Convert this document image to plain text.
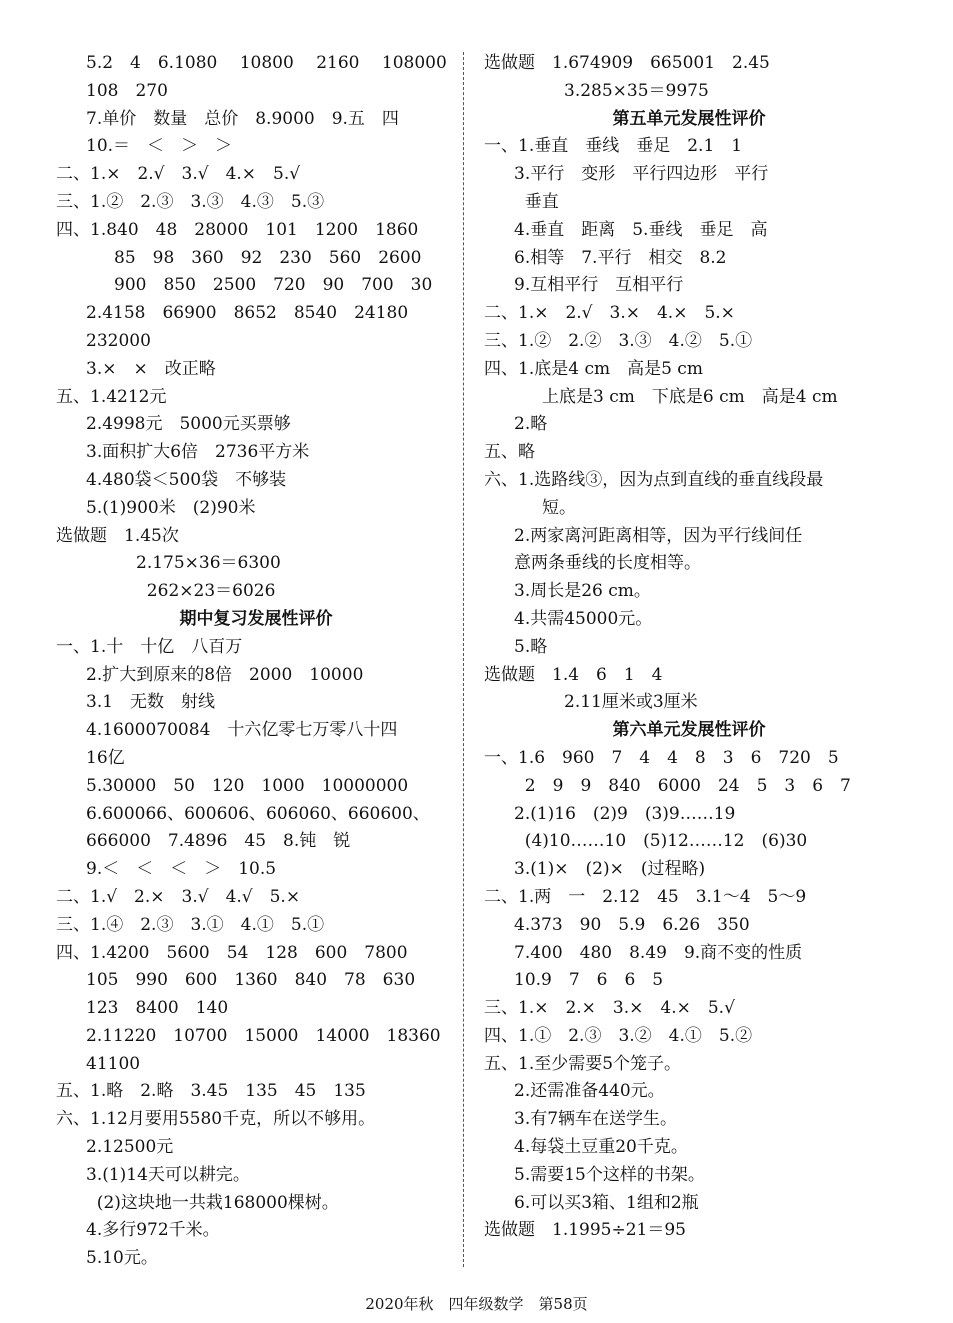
5.2　4　6.1080　 10800　 2160　 108000
108　270
7.单价　数量　总价　8.9000　9.五　四
10.＝　＜　＞　＞
二、1.×　2.√　3.√　4.×　5.√
三、1.②　2.③　3.③　4.③　5.③
四、1.840　48　28000　101　1200　1860
85　98　360　92　230　560　2600
900　850　2500　720　90　700　30
2.4158　66900　8652　8540　24180
232000
3.×　×　改正略
五、1.4212元
2.4998元　5000元买票够
3.面积扩大6倍　2736平方米
4.480袋＜500袋　不够装
5.(1)900米　(2)90米
选做题　1.45次
2.175×36＝6300
262×23＝6026
期中复习发展性评价
一、1.十　十亿　八百万
2.扩大到原来的8倍　2000　10000
3.1　无数　射线
4.1600070084　十六亿零七万零八十四
16亿
5.30000　50　120　1000　10000000
6.600066、600606、606060、660600、
666000　7.4896　45　8.钝　锐
9.＜　＜　＜　＞　10.5
二、1.√　2.×　3.√　4.√　5.×
三、1.④　2.③　3.①　4.①　5.①
四、1.4200　5600　54　128　600　7800
105　990　600　1360　840　78　630
123　8400　140
2.11220　10700　15000　14000　18360
41100
五、1.略　2.略　3.45　135　45　135
六、1.12月要用5580千克，所以不够用。
2.12500元
3.(1)14天可以耕完。
(2)这块地一共栽168000棵树。
4.多行972千米。
5.10元。
选做题　1.674909　665001　2.45
3.285×35＝9975
第五单元发展性评价
一、1.垂直　垂线　垂足　2.1　1
3.平行　变形　平行四边形　平行
垂直
4.垂直　距离　5.垂线　垂足　高
6.相等　7.平行　相交　8.2
9.互相平行　互相平行
二、1.×　2.√　3.×　4.×　5.×
三、1.②　2.②　3.③　4.②　5.①
四、1.底是4 cm　高是5 cm
上底是3 cm　下底是6 cm　高是4 cm
2.略
五、略
六、1.选路线③，因为点到直线的垂直线段最
短。
2.两家离河距离相等，因为平行线间任
意两条垂线的长度相等。
3.周长是26 cm。
4.共需45000元。
5.略
选做题　1.4　6　1　4
2.11厘米或3厘米
第六单元发展性评价
一、1.6　960　7　4　4　8　3　6　720　5
2　9　9　840　6000　24　5　3　6　7
2.(1)16　(2)9　(3)9……19
(4)10……10　(5)12……12　(6)30
3.(1)×　(2)×　(过程略)
二、1.两　一　2.12　45　3.1～4　5～9
4.373　90　5.9　6.26　350
7.400　480　8.49　9.商不变的性质
10.9　7　6　6　5
三、1.×　2.×　3.×　4.×　5.√
四、1.①　2.③　3.②　4.①　5.②
五、1.至少需要5个笼子。
2.还需准备440元。
3.有7辆车在送学生。
4.每袋土豆重20千克。
5.需要15个这样的书架。
6.可以买3箱、1组和2瓶
选做题　1.1995÷21＝95
2020年秋　四年级数学　第58页
